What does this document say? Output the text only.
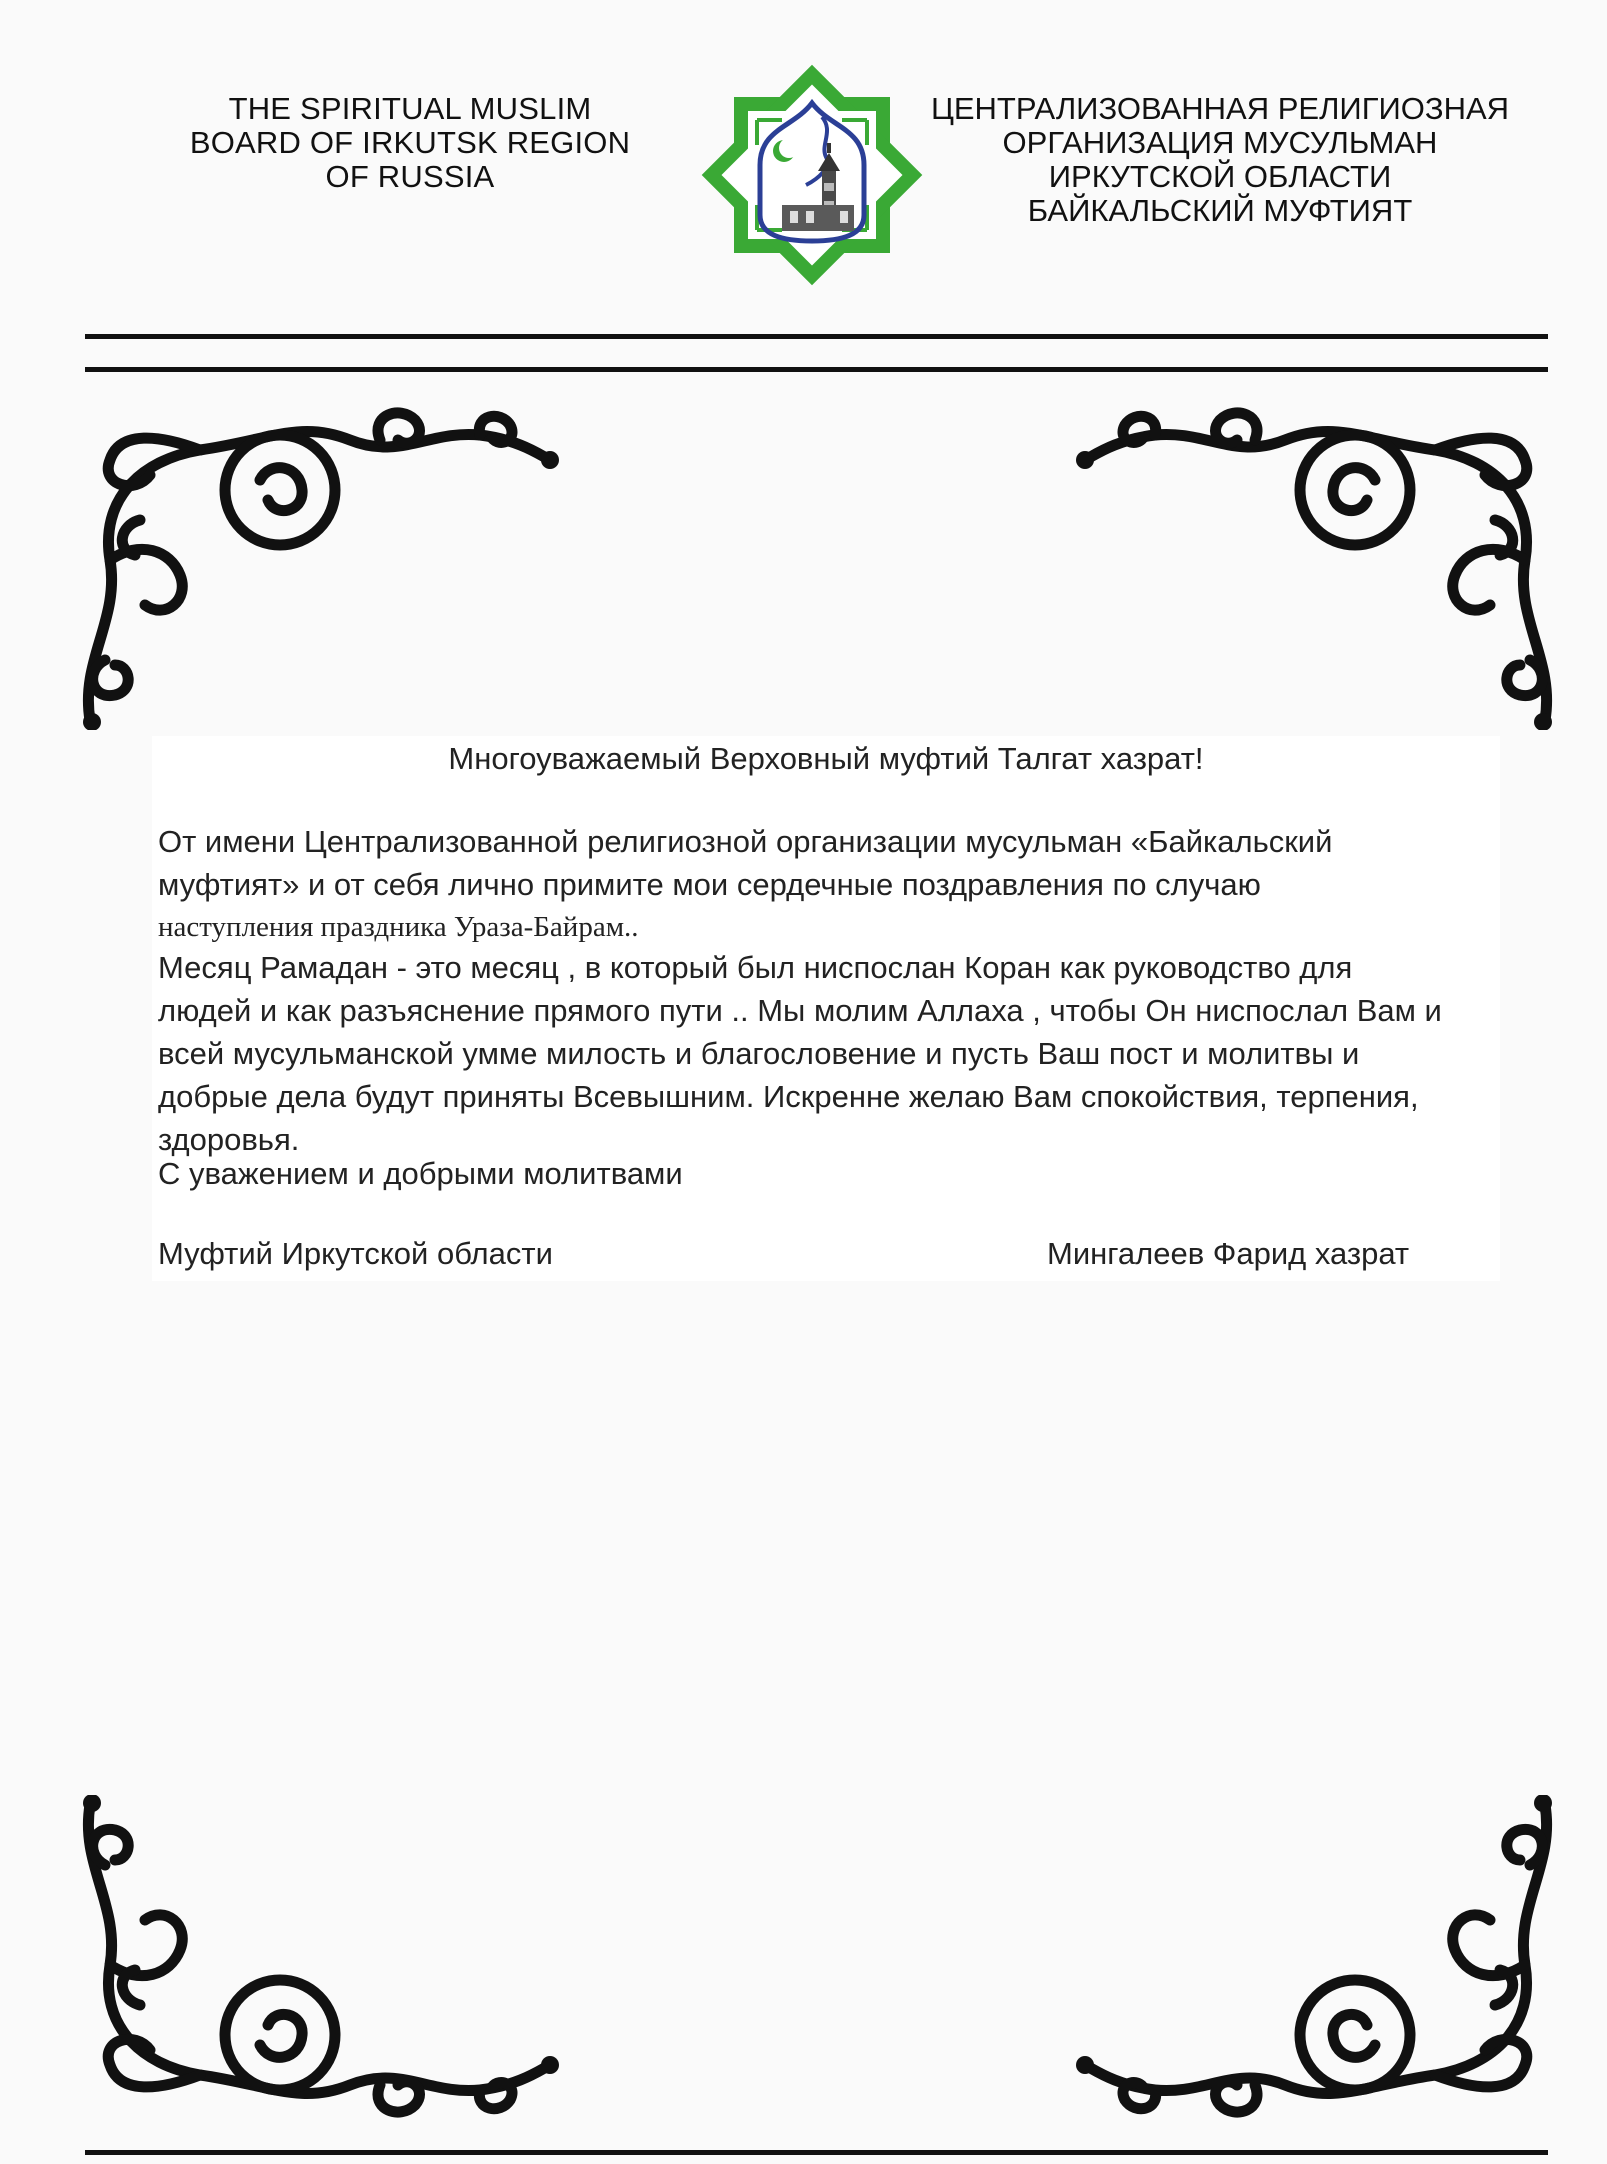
THE SPIRITUAL MUSLIM
BOARD OF IRKUTSK REGION
OF RUSSIA
ЦЕНТРАЛИЗОВАННАЯ РЕЛИГИОЗНАЯ
ОРГАНИЗАЦИЯ МУСУЛЬМАН
ИРКУТСКОЙ ОБЛАСТИ
БАЙКАЛЬСКИЙ МУФТИЯТ
Многоуважаемый Верховный муфтий Талгат хазрат!
От имени Централизованной религиозной организации мусульман «Байкальский
муфтият» и от себя лично примите мои сердечные поздравления по случаю
наступления праздника Ураза-Байрам..
Месяц Рамадан - это месяц , в который был ниспослан Коран как руководство для
людей и как разъяснение прямого пути .. Мы молим Аллаха , чтобы Он ниспослал Вам и
всей мусульманской умме милость и благословение и пусть Ваш пост и молитвы и
добрые дела будут приняты Всевышним. Искренне желаю Вам спокойствия, терпения,
здоровья.
С уважением и добрыми молитвами
Муфтий Иркутской области	Мингалеев Фарид хазрат
